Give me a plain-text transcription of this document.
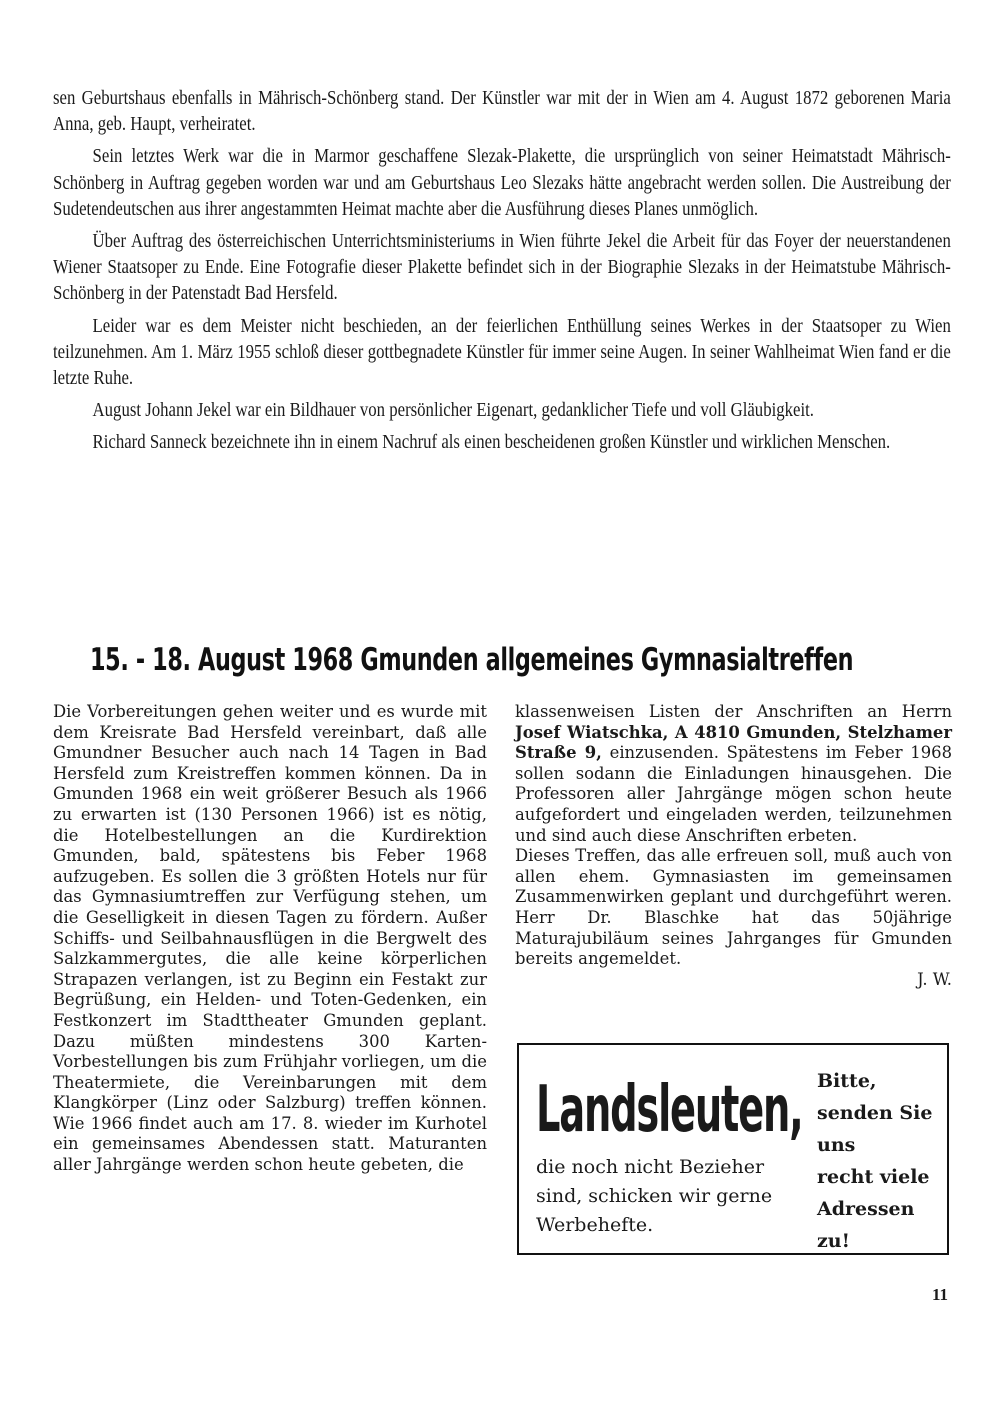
sen Geburtshaus ebenfalls in Mährisch-Schönberg stand. Der Künstler war mit der in Wien am 4. August 1872 geborenen Maria Anna, geb. Haupt, verheiratet.

Sein letztes Werk war die in Marmor geschaffene Slezak-Plakette, die ursprünglich von seiner Heimatstadt Mährisch-Schönberg in Auftrag gegeben worden war und am Geburtshaus Leo Slezaks hätte angebracht werden sollen. Die Austreibung der Sudetendeutschen aus ihrer angestammten Heimat machte aber die Ausführung dieses Planes unmöglich.

Über Auftrag des österreichischen Unterrichtsministeriums in Wien führte Jekel die Arbeit für das Foyer der neuerstandenen Wiener Staatsoper zu Ende. Eine Fotografie dieser Plakette befindet sich in der Biographie Slezaks in der Heimatstube Mährisch-Schönberg in der Patenstadt Bad Hersfeld.

Leider war es dem Meister nicht beschieden, an der feierlichen Enthüllung seines Werkes in der Staatsoper zu Wien teilzunehmen. Am 1. März 1955 schloß dieser gottbegnadete Künstler für immer seine Augen. In seiner Wahlheimat Wien fand er die letzte Ruhe.

August Johann Jekel war ein Bildhauer von persönlicher Eigenart, gedanklicher Tiefe und voll Gläubigkeit.

Richard Sanneck bezeichnete ihn in einem Nachruf als einen bescheidenen großen Künstler und wirklichen Menschen.

15. - 18. August 1968 Gmunden allgemeines Gymnasialtreffen

Die Vorbereitungen gehen weiter und es wurde mit dem Kreisrate Bad Hersfeld vereinbart, daß alle Gmundner Besucher auch nach 14 Tagen in Bad Hersfeld zum Kreistreffen kommen können. Da in Gmunden 1968 ein weit größerer Besuch als 1966 zu erwarten ist (130 Personen 1966) ist es nötig, die Hotelbestellungen an die Kurdirektion Gmunden, bald, spätestens bis Feber 1968 aufzugeben. Es sollen die 3 größten Hotels nur für das Gymnasiumtreffen zur Verfügung stehen, um die Geselligkeit in diesen Tagen zu fördern. Außer Schiffs- und Seilbahnausflügen in die Bergwelt des Salzkammergutes, die alle keine körperlichen Strapazen verlangen, ist zu Beginn ein Festakt zur Begrüßung, ein Helden- und Toten-Gedenken, ein Festkonzert im Stadttheater Gmunden geplant. Dazu müßten mindestens 300 Karten-Vorbestellungen bis zum Frühjahr vorliegen, um die Theatermiete, die Vereinbarungen mit dem Klangkörper (Linz oder Salzburg) treffen können. Wie 1966 findet auch am 17. 8. wieder im Kurhotel ein gemeinsames Abendessen statt. Maturanten aller Jahrgänge werden schon heute gebeten, die

klassenweisen Listen der Anschriften an Herrn Josef Wiatschka, A 4810 Gmunden, Stelzhamer Straße 9, einzusenden. Spätestens im Feber 1968 sollen sodann die Einladungen hinausgehen. Die Professoren aller Jahrgänge mögen schon heute aufgefordert und eingeladen werden, teilzunehmen und sind auch diese Anschriften erbeten.

Dieses Treffen, das alle erfreuen soll, muß auch von allen ehem. Gymnasiasten im gemeinsamen Zusammenwirken geplant und durchgeführt weren. Herr Dr. Blaschke hat das 50jährige Maturajubiläum seines Jahrganges für Gmunden bereits angemeldet.

J. W.

Landsleuten,
die noch nicht Bezieher sind, schicken wir gerne Werbehefte.
Bitte,
senden Sie
uns
recht viele
Adressen
zu!
11
